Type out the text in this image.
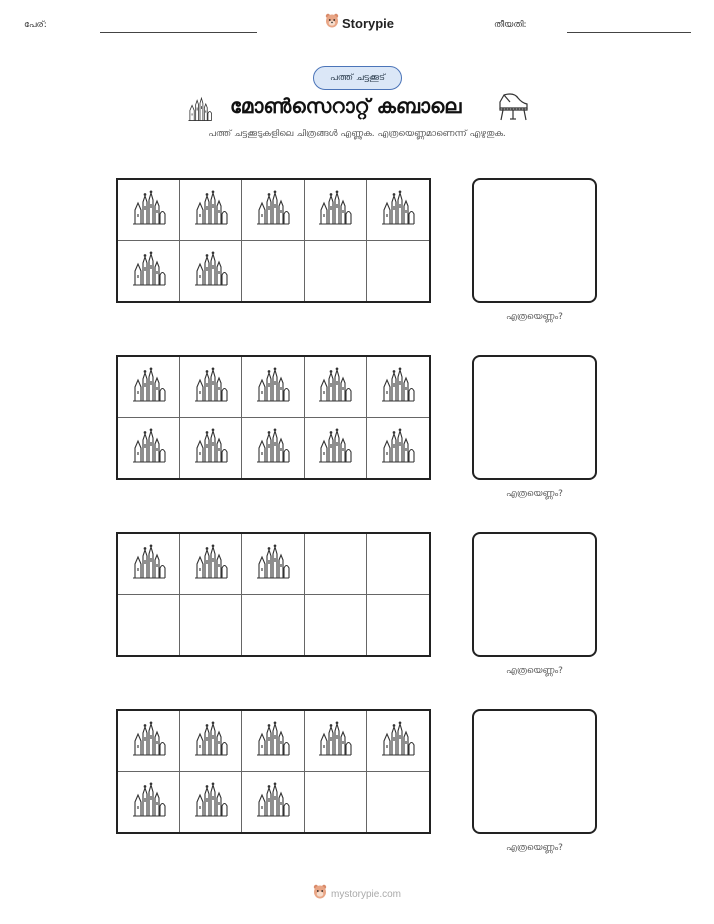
പേര്:	Storypie	തീയതി:
പത്ത് ചട്ടക്കൂട്
മോൺസെറാറ്റ് കബാലെ
പത്ത് ചട്ടക്കൂടുകളിലെ ചിത്രങ്ങൾ എണ്ണുക. എത്രയെണ്ണമാണെന്ന് എഴുതുക.
എത്രയെണ്ണം?
എത്രയെണ്ണം?
എത്രയെണ്ണം?
എത്രയെണ്ണം?
mystorypie.com
